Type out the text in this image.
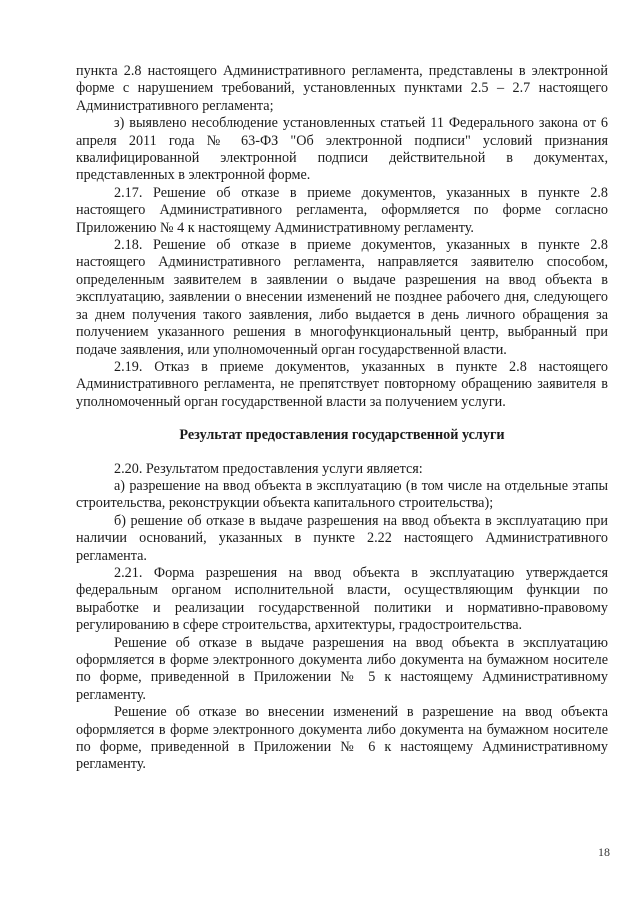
пункта 2.8 настоящего Административного регламента, представлены в электронной форме с нарушением требований, установленных пунктами 2.5 – 2.7 настоящего Административного регламента;

з) выявлено несоблюдение установленных статьей 11 Федерального закона от 6 апреля 2011 года № 63-ФЗ "Об электронной подписи" условий признания квалифицированной электронной подписи действительной в документах, представленных в электронной форме.

2.17. Решение об отказе в приеме документов, указанных в пункте 2.8 настоящего Административного регламента, оформляется по форме согласно Приложению № 4 к настоящему Административному регламенту.

2.18. Решение об отказе в приеме документов, указанных в пункте 2.8 настоящего Административного регламента, направляется заявителю способом, определенным заявителем в заявлении о выдаче разрешения на ввод объекта в эксплуатацию, заявлении о внесении изменений не позднее рабочего дня, следующего за днем получения такого заявления, либо выдается в день личного обращения за получением указанного решения в многофункциональный центр, выбранный при подаче заявления, или уполномоченный орган государственной власти.

2.19. Отказ в приеме документов, указанных в пункте 2.8 настоящего Административного регламента, не препятствует повторному обращению заявителя в уполномоченный орган государственной власти за получением услуги.

Результат предоставления государственной услуги

2.20. Результатом предоставления услуги является:

а) разрешение на ввод объекта в эксплуатацию (в том числе на отдельные этапы строительства, реконструкции объекта капитального строительства);

б) решение об отказе в выдаче разрешения на ввод объекта в эксплуатацию при наличии оснований, указанных в пункте 2.22 настоящего Административного регламента.

2.21. Форма разрешения на ввод объекта в эксплуатацию утверждается федеральным органом исполнительной власти, осуществляющим функции по выработке и реализации государственной политики и нормативно-правовому регулированию в сфере строительства, архитектуры, градостроительства.

Решение об отказе в выдаче разрешения на ввод объекта в эксплуатацию оформляется в форме электронного документа либо документа на бумажном носителе по форме, приведенной в Приложении № 5 к настоящему Административному регламенту.

Решение об отказе во внесении изменений в разрешение на ввод объекта оформляется в форме электронного документа либо документа на бумажном носителе по форме, приведенной в Приложении № 6 к настоящему Административному регламенту.

18
